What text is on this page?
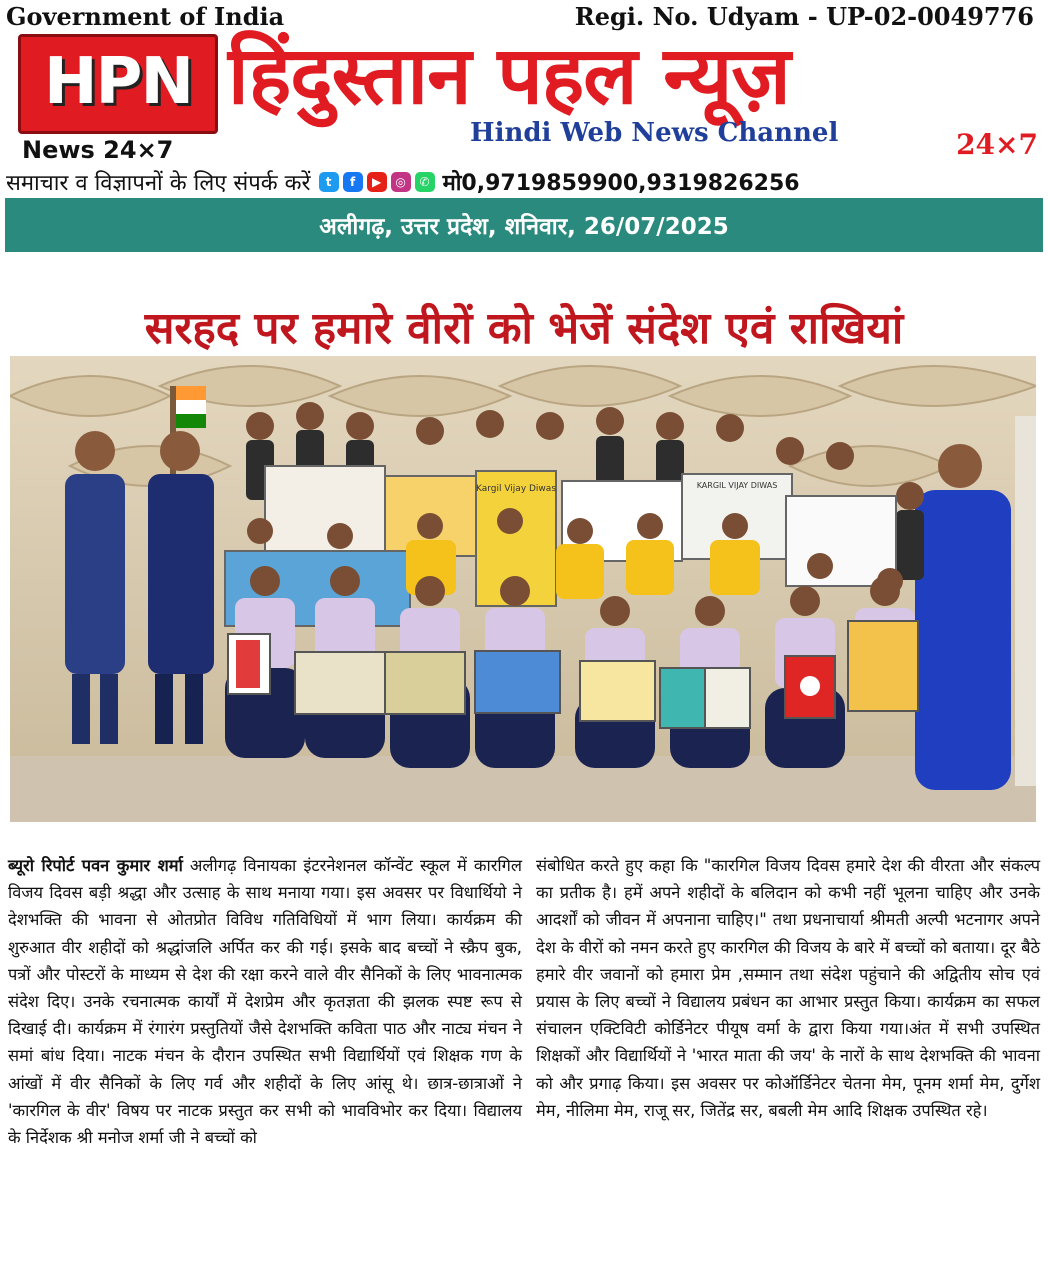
Government of India	Regi. No. Udyam - UP-02-0049776
HPN
News 24×7
हिंदुस्तान पहल न्यूज़
Hindi Web News Channel	24×7
समाचार व विज्ञापनों के लिए संपर्क करें	t	f	▶	◎	✆ मो0,9719859900,9319826256
अलीगढ़, उत्तर प्रदेश, शनिवार, 26/07/2025
सरहद पर हमारे वीरों को भेजें संदेश एवं राखियां
Kargil Vijay Diwas	KARGIL VIJAY DIWAS
ब्यूरो रिपोर्ट पवन कुमार शर्मा अलीगढ़ विनायका इंटरनेशनल कॉन्वेंट स्कूल में कारगिल विजय दिवस बड़ी श्रद्धा और उत्साह के साथ मनाया गया। इस अवसर पर विधार्थियो ने देशभक्ति की भावना से ओतप्रोत विविध गतिविधियों में भाग लिया। कार्यक्रम की शुरुआत वीर शहीदों को श्रद्धांजलि अर्पित कर की गई। इसके बाद बच्चों ने स्क्रैप बुक, पत्रों और पोस्टरों के माध्यम से देश की रक्षा करने वाले वीर सैनिकों के लिए भावनात्मक संदेश दिए। उनके रचनात्मक कार्यों में देशप्रेम और कृतज्ञता की झलक स्पष्ट रूप से दिखाई दी। कार्यक्रम में रंगारंग प्रस्तुतियों जैसे देशभक्ति कविता पाठ और नाट्य मंचन ने समां बांध दिया। नाटक मंचन के दौरान उपस्थित सभी विद्यार्थियों एवं शिक्षक गण के आंखों में वीर सैनिकों के लिए गर्व और शहीदों के लिए आंसू थे। छात्र-छात्राओं ने 'कारगिल के वीर' विषय पर नाटक प्रस्तुत कर सभी को भावविभोर कर दिया। विद्यालय के निर्देशक श्री मनोज शर्मा जी ने बच्चों को
संबोधित करते हुए कहा कि "कारगिल विजय दिवस हमारे देश की वीरता और संकल्प का प्रतीक है। हमें अपने शहीदों के बलिदान को कभी नहीं भूलना चाहिए और उनके आदर्शों को जीवन में अपनाना चाहिए।" तथा प्रधनाचार्या श्रीमती अल्पी भटनागर अपने देश के वीरों को नमन करते हुए कारगिल की विजय के बारे में बच्चों को बताया। दूर बैठे हमारे वीर जवानों को हमारा प्रेम ,सम्मान तथा संदेश पहुंचाने की अद्वितीय सोच एवं प्रयास के लिए बच्चों ने विद्यालय प्रबंधन का आभार प्रस्तुत किया। कार्यक्रम का सफल संचालन एक्टिविटी कोर्डिनेटर पीयूष वर्मा के द्वारा किया गया।अंत में सभी उपस्थित शिक्षकों और विद्यार्थियों ने 'भारत माता की जय' के नारों के साथ देशभक्ति की भावना को और प्रगाढ़ किया। इस अवसर पर कोऑर्डिनेटर चेतना मेम, पूनम शर्मा मेम, दुर्गेश मेम, नीलिमा मेम, राजू सर, जितेंद्र सर, बबली मेम आदि शिक्षक उपस्थित रहे।
